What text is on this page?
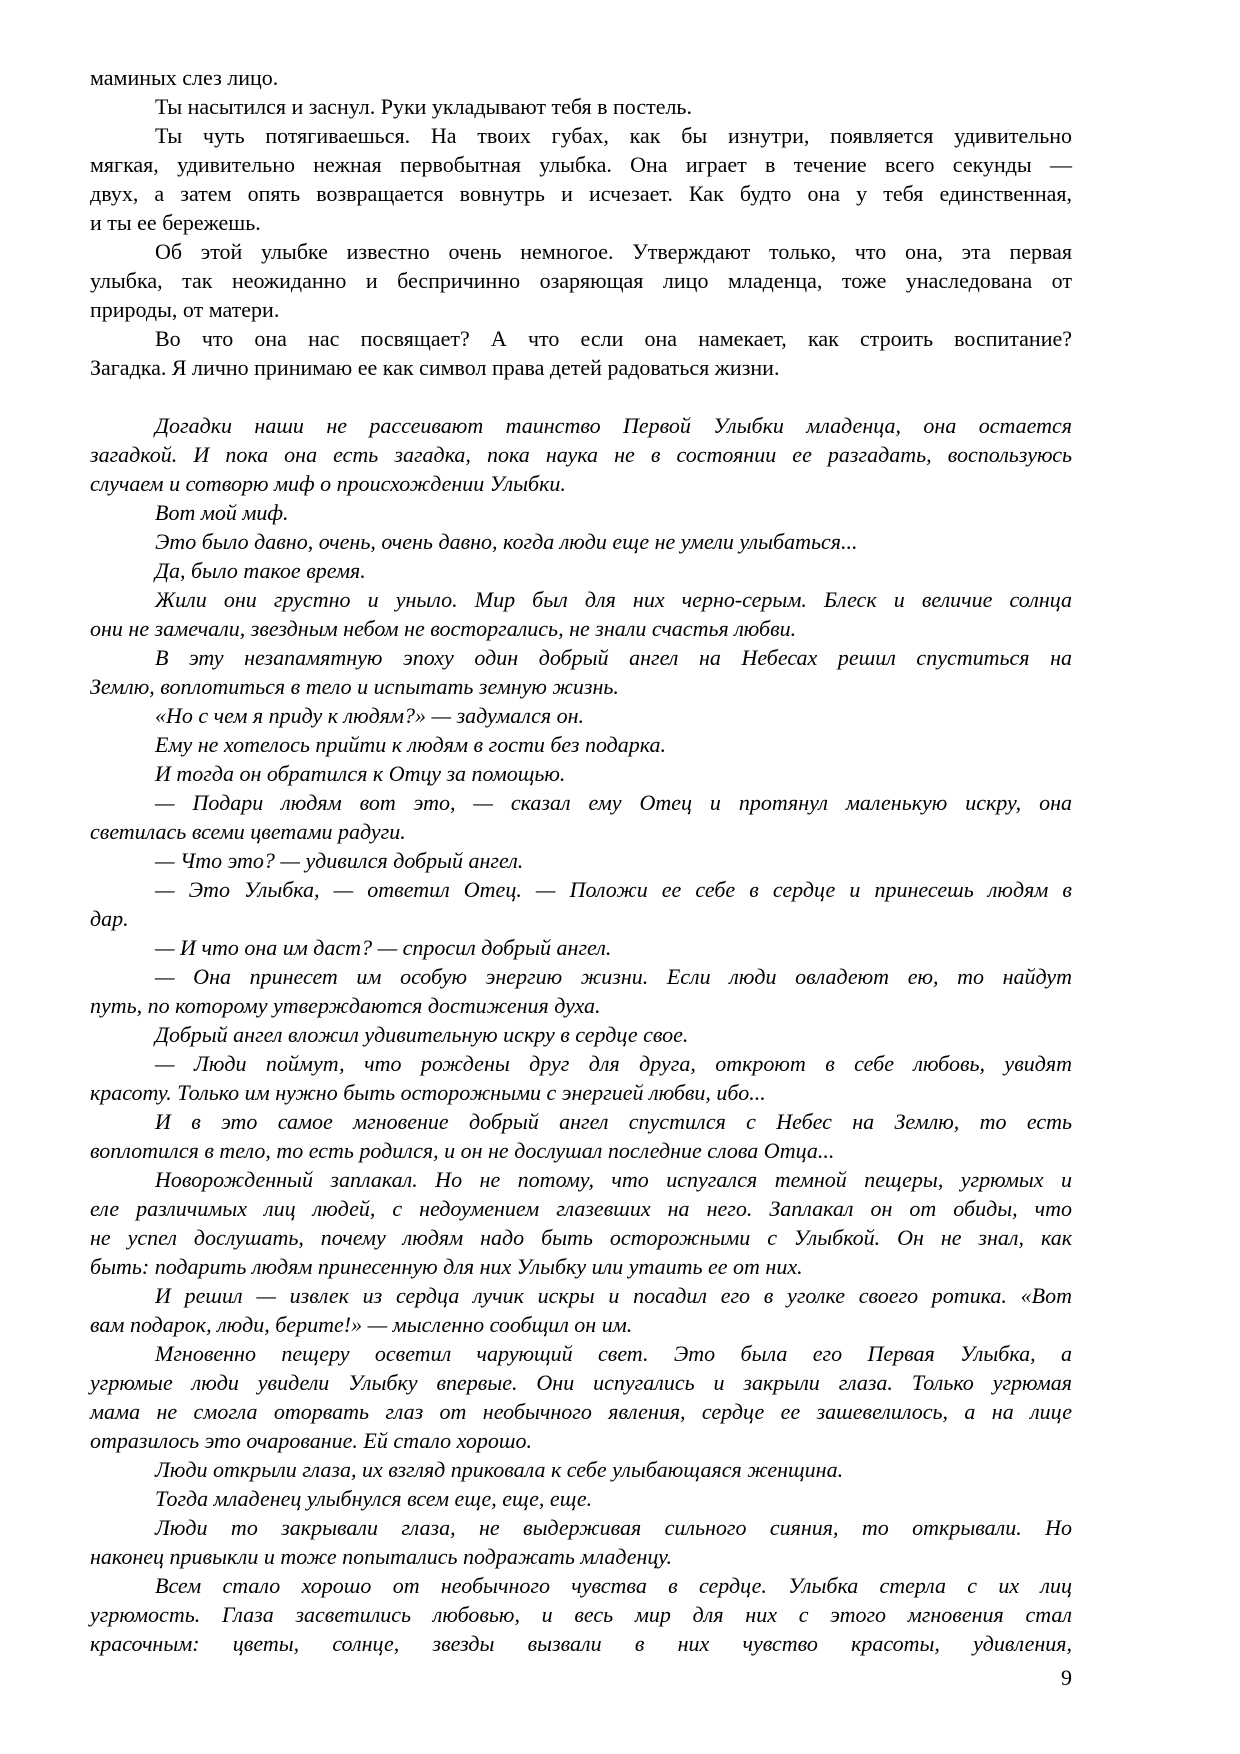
маминых слез лицо.
Ты насытился и заснул. Руки укладывают тебя в постель.
Ты чуть потягиваешься. На твоих губах, как бы изнутри, появляется удивительно
мягкая, удивительно нежная первобытная улыбка. Она играет в течение всего секунды —
двух, а затем опять возвращается вовнутрь и исчезает. Как будто она у тебя единственная,
и ты ее бережешь.
Об этой улыбке известно очень немногое. Утверждают только, что она, эта первая
улыбка, так неожиданно и беспричинно озаряющая лицо младенца, тоже унаследована от
природы, от матери.
Во что она нас посвящает? А что если она намекает, как строить воспитание?
Загадка. Я лично принимаю ее как символ права детей радоваться жизни.
Догадки наши не рассеивают таинство Первой Улыбки младенца, она остается
загадкой. И пока она есть загадка, пока наука не в состоянии ее разгадать, воспользуюсь
случаем и сотворю миф о происхождении Улыбки.
Вот мой миф.
Это было давно, очень, очень давно, когда люди еще не умели улыбаться...
Да, было такое время.
Жили они грустно и уныло. Мир был для них черно-серым. Блеск и величие солнца
они не замечали, звездным небом не восторгались, не знали счастья любви.
В эту незапамятную эпоху один добрый ангел на Небесах решил спуститься на
Землю, воплотиться в тело и испытать земную жизнь.
«Но с чем я приду к людям?» — задумался он.
Ему не хотелось прийти к людям в гости без подарка.
И тогда он обратился к Отцу за помощью.
— Подари людям вот это, — сказал ему Отец и протянул маленькую искру, она
светилась всеми цветами радуги.
— Что это? — удивился добрый ангел.
— Это Улыбка, — ответил Отец. — Положи ее себе в сердце и принесешь людям в
дар.
— И что она им даст? — спросил добрый ангел.
— Она принесет им особую энергию жизни. Если люди овладеют ею, то найдут
путь, по которому утверждаются достижения духа.
Добрый ангел вложил удивительную искру в сердце свое.
— Люди поймут, что рождены друг для друга, откроют в себе любовь, увидят
красоту. Только им нужно быть осторожными с энергией любви, ибо...
И в это самое мгновение добрый ангел спустился с Небес на Землю, то есть
воплотился в тело, то есть родился, и он не дослушал последние слова Отца...
Новорожденный заплакал. Но не потому, что испугался темной пещеры, угрюмых и
еле различимых лиц людей, с недоумением глазевших на него. Заплакал он от обиды, что
не успел дослушать, почему людям надо быть осторожными с Улыбкой. Он не знал, как
быть: подарить людям принесенную для них Улыбку или утаить ее от них.
И решил — извлек из сердца лучик искры и посадил его в уголке своего ротика. «Вот
вам подарок, люди, берите!» — мысленно сообщил он им.
Мгновенно пещеру осветил чарующий свет. Это была его Первая Улыбка, а
угрюмые люди увидели Улыбку впервые. Они испугались и закрыли глаза. Только угрюмая
мама не смогла оторвать глаз от необычного явления, сердце ее зашевелилось, а на лице
отразилось это очарование. Ей стало хорошо.
Люди открыли глаза, их взгляд приковала к себе улыбающаяся женщина.
Тогда младенец улыбнулся всем еще, еще, еще.
Люди то закрывали глаза, не выдерживая сильного сияния, то открывали. Но
наконец привыкли и тоже попытались подражать младенцу.
Всем стало хорошо от необычного чувства в сердце. Улыбка стерла с их лиц
угрюмость. Глаза засветились любовью, и весь мир для них с этого мгновения стал
красочным: цветы, солнце, звезды вызвали в них чувство красоты, удивления,
9
